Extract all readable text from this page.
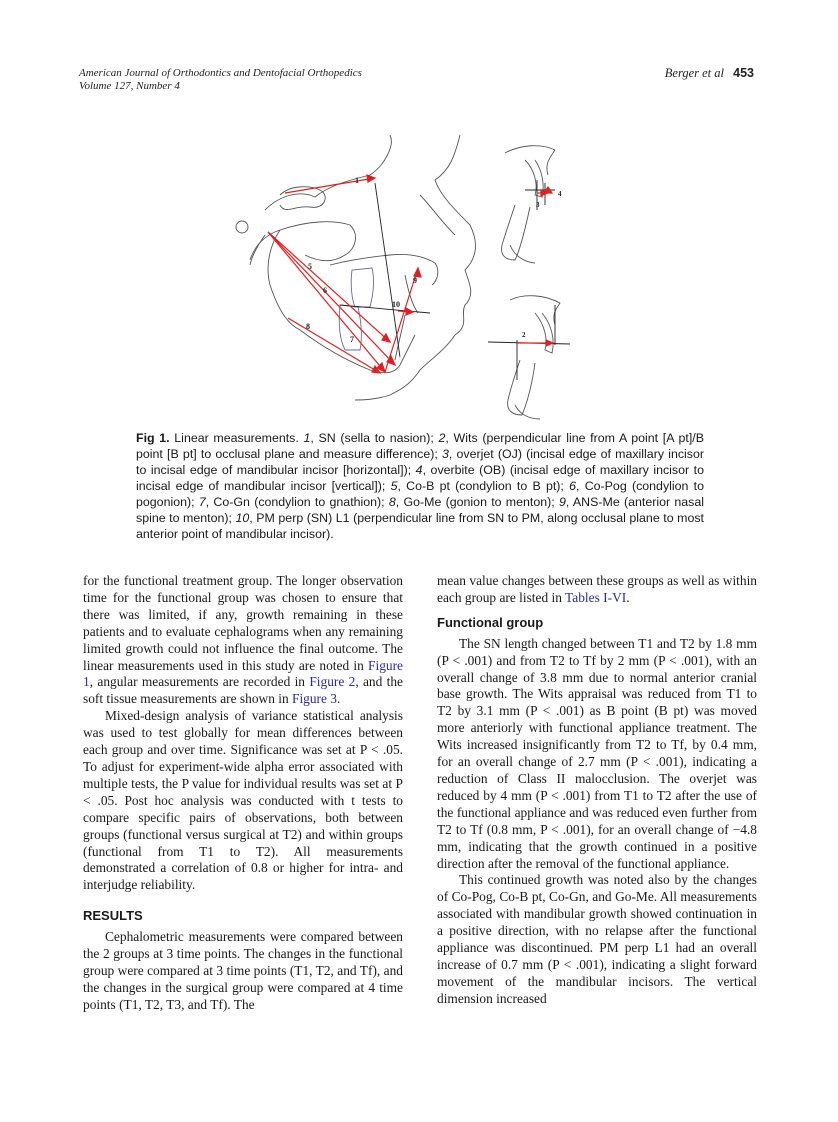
American Journal of Orthodontics and Dentofacial Orthopedics
Volume 127, Number 4
Berger et al 453
1
5
6
7
8
9
10
4
3
2
Fig 1. Linear measurements. 1, SN (sella to nasion); 2, Wits (perpendicular line from A point [A pt]/B point [B pt] to occlusal plane and measure difference); 3, overjet (OJ) (incisal edge of maxillary incisor to incisal edge of mandibular incisor [horizontal]); 4, overbite (OB) (incisal edge of maxillary incisor to incisal edge of mandibular incisor [vertical]); 5, Co-B pt (condylion to B pt); 6, Co-Pog (condylion to pogonion); 7, Co-Gn (condylion to gnathion); 8, Go-Me (gonion to menton); 9, ANS-Me (anterior nasal spine to menton); 10, PM perp (SN) L1 (perpendicular line from SN to PM, along occlusal plane to most anterior point of mandibular incisor).

for the functional treatment group. The longer observation time for the functional group was chosen to ensure that there was limited, if any, growth remaining in these patients and to evaluate cephalograms when any remaining limited growth could not influence the final outcome. The linear measurements used in this study are noted in Figure 1, angular measurements are recorded in Figure 2, and the soft tissue measurements are shown in Figure 3.

Mixed-design analysis of variance statistical analysis was used to test globally for mean differences between each group and over time. Significance was set at P < .05. To adjust for experiment-wide alpha error associated with multiple tests, the P value for individual results was set at P < .05. Post hoc analysis was conducted with t tests to compare specific pairs of observations, both between groups (functional versus surgical at T2) and within groups (functional from T1 to T2). All measurements demonstrated a correlation of 0.8 or higher for intra- and interjudge reliability.

RESULTS

Cephalometric measurements were compared between the 2 groups at 3 time points. The changes in the functional group were compared at 3 time points (T1, T2, and Tf), and the changes in the surgical group were compared at 4 time points (T1, T2, T3, and Tf). The

mean value changes between these groups as well as within each group are listed in Tables I-VI.

Functional group

The SN length changed between T1 and T2 by 1.8 mm (P < .001) and from T2 to Tf by 2 mm (P < .001), with an overall change of 3.8 mm due to normal anterior cranial base growth. The Wits appraisal was reduced from T1 to T2 by 3.1 mm (P < .001) as B point (B pt) was moved more anteriorly with functional appliance treatment. The Wits increased insignificantly from T2 to Tf, by 0.4 mm, for an overall change of 2.7 mm (P < .001), indicating a reduction of Class II malocclusion. The overjet was reduced by 4 mm (P < .001) from T1 to T2 after the use of the functional appliance and was reduced even further from T2 to Tf (0.8 mm, P < .001), for an overall change of −4.8 mm, indicating that the growth continued in a positive direction after the removal of the functional appliance.

This continued growth was noted also by the changes of Co-Pog, Co-B pt, Co-Gn, and Go-Me. All measurements associated with mandibular growth showed continuation in a positive direction, with no relapse after the functional appliance was discontinued. PM perp L1 had an overall increase of 0.7 mm (P < .001), indicating a slight forward movement of the mandibular incisors. The vertical dimension increased
